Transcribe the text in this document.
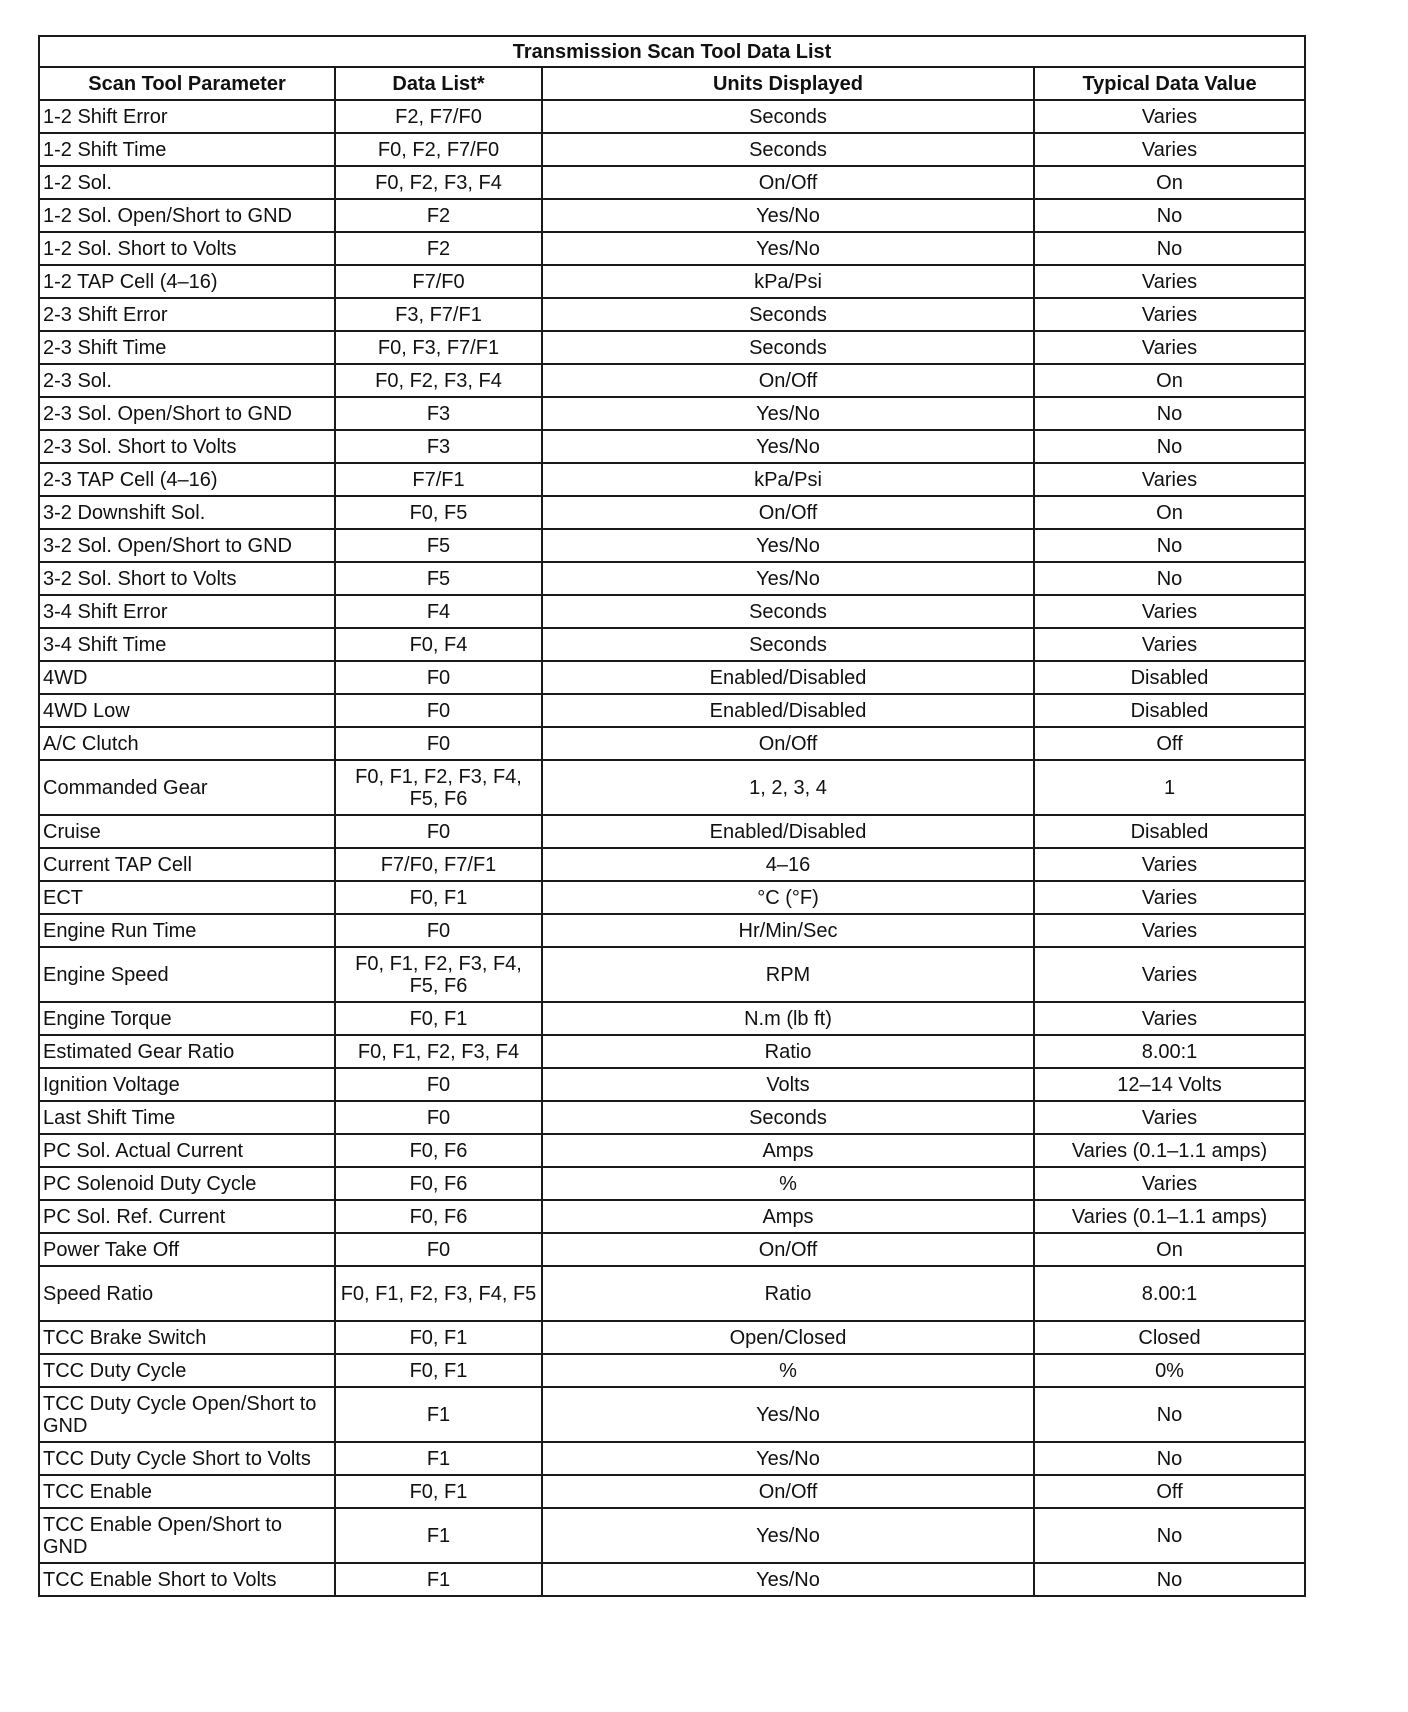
Transmission Scan Tool Data List			
Scan Tool Parameter	Data List*	Units Displayed	Typical Data Value
1-2 Shift Error	F2, F7/F0	Seconds	Varies
1-2 Shift Time	F0, F2, F7/F0	Seconds	Varies
1-2 Sol.	F0, F2, F3, F4	On/Off	On
1-2 Sol. Open/Short to GND	F2	Yes/No	No
1-2 Sol. Short to Volts	F2	Yes/No	No
1-2 TAP Cell (4–16)	F7/F0	kPa/Psi	Varies
2-3 Shift Error	F3, F7/F1	Seconds	Varies
2-3 Shift Time	F0, F3, F7/F1	Seconds	Varies
2-3 Sol.	F0, F2, F3, F4	On/Off	On
2-3 Sol. Open/Short to GND	F3	Yes/No	No
2-3 Sol. Short to Volts	F3	Yes/No	No
2-3 TAP Cell (4–16)	F7/F1	kPa/Psi	Varies
3-2 Downshift Sol.	F0, F5	On/Off	On
3-2 Sol. Open/Short to GND	F5	Yes/No	No
3-2 Sol. Short to Volts	F5	Yes/No	No
3-4 Shift Error	F4	Seconds	Varies
3-4 Shift Time	F0, F4	Seconds	Varies
4WD	F0	Enabled/Disabled	Disabled
4WD Low	F0	Enabled/Disabled	Disabled
A/C Clutch	F0	On/Off	Off
Commanded Gear	F0, F1, F2, F3, F4, F5, F6	1, 2, 3, 4	1
Cruise	F0	Enabled/Disabled	Disabled
Current TAP Cell	F7/F0, F7/F1	4–16	Varies
ECT	F0, F1	°C (°F)	Varies
Engine Run Time	F0	Hr/Min/Sec	Varies
Engine Speed	F0, F1, F2, F3, F4, F5, F6	RPM	Varies
Engine Torque	F0, F1	N.m (lb ft)	Varies
Estimated Gear Ratio	F0, F1, F2, F3, F4	Ratio	8.00:1
Ignition Voltage	F0	Volts	12–14 Volts
Last Shift Time	F0	Seconds	Varies
PC Sol. Actual Current	F0, F6	Amps	Varies (0.1–1.1 amps)
PC Solenoid Duty Cycle	F0, F6	%	Varies
PC Sol. Ref. Current	F0, F6	Amps	Varies (0.1–1.1 amps)
Power Take Off	F0	On/Off	On
Speed Ratio	F0, F1, F2, F3, F4, F5	Ratio	8.00:1
TCC Brake Switch	F0, F1	Open/Closed	Closed
TCC Duty Cycle	F0, F1	%	0%
TCC Duty Cycle Open/Short to GND	F1	Yes/No	No
TCC Duty Cycle Short to Volts	F1	Yes/No	No
TCC Enable	F0, F1	On/Off	Off
TCC Enable Open/Short to GND	F1	Yes/No	No
TCC Enable Short to Volts	F1	Yes/No	No
